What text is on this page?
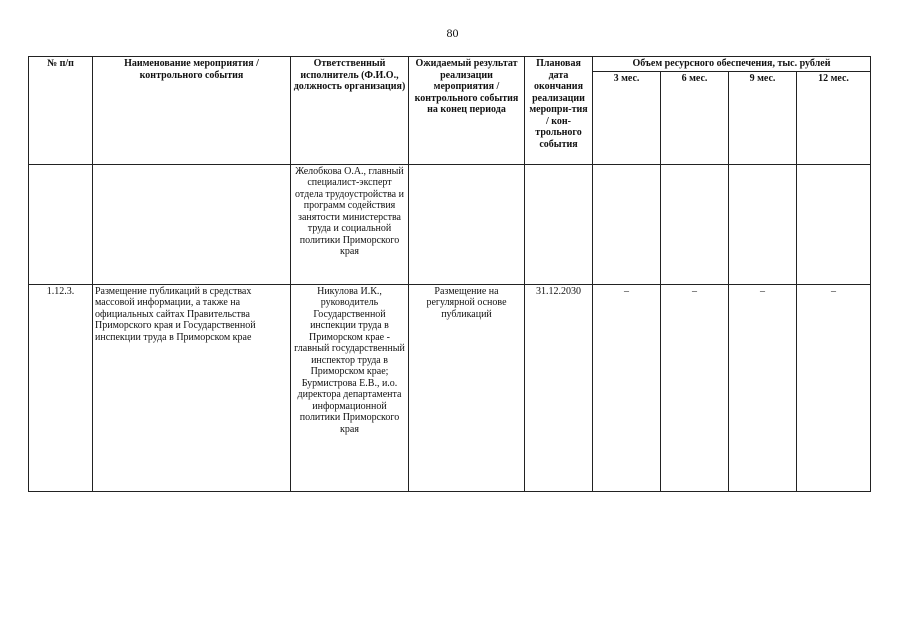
80
№ п/п	Наименование мероприятия / контрольного события	Ответственный исполнитель (Ф.И.О., должность организация)	Ожидаемый результат реализации мероприятия / контрольного события на конец периода	Плановая дата окончания реализации меропри-тия / кон-трольного события	Объем ресурсного обеспечения, тыс. рублей			
					3 мес.	6 мес.	9 мес.	12 мес.
		Желобкова О.А., главный специалист-эксперт отдела трудоустройства и программ содействия занятости министерства труда и социальной политики Приморского края						
1.12.3.	Размещение публикаций в средствах массовой информации, а также на официальных сайтах Правительства Приморского края и Государственной инспекции труда в Приморском крае	Никулова И.К., руководитель Государственной инспекции труда в Приморском крае - главный государственный инспектор труда в Приморском крае; Бурмистрова Е.В., и.о. директора департамента информационной политики Приморского края	Размещение на регулярной основе публикаций	31.12.2030	–	–	–	–
